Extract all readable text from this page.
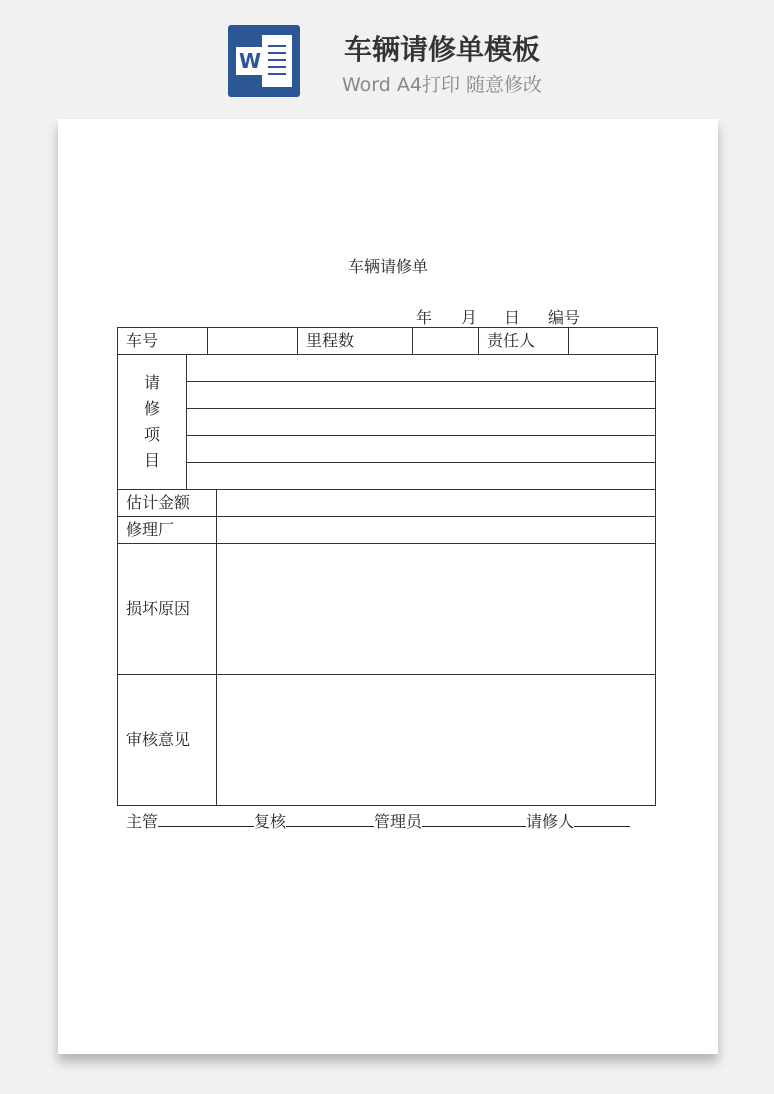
W	车辆请修单模板
Word A4打印 随意修改
车辆请修单
年 月 日 编号
车号		里程数		责任人	
请
修
项
目

估计金额	
修理厂	
损坏原因	
审核意见	
主管	复核	管理员	请修人
